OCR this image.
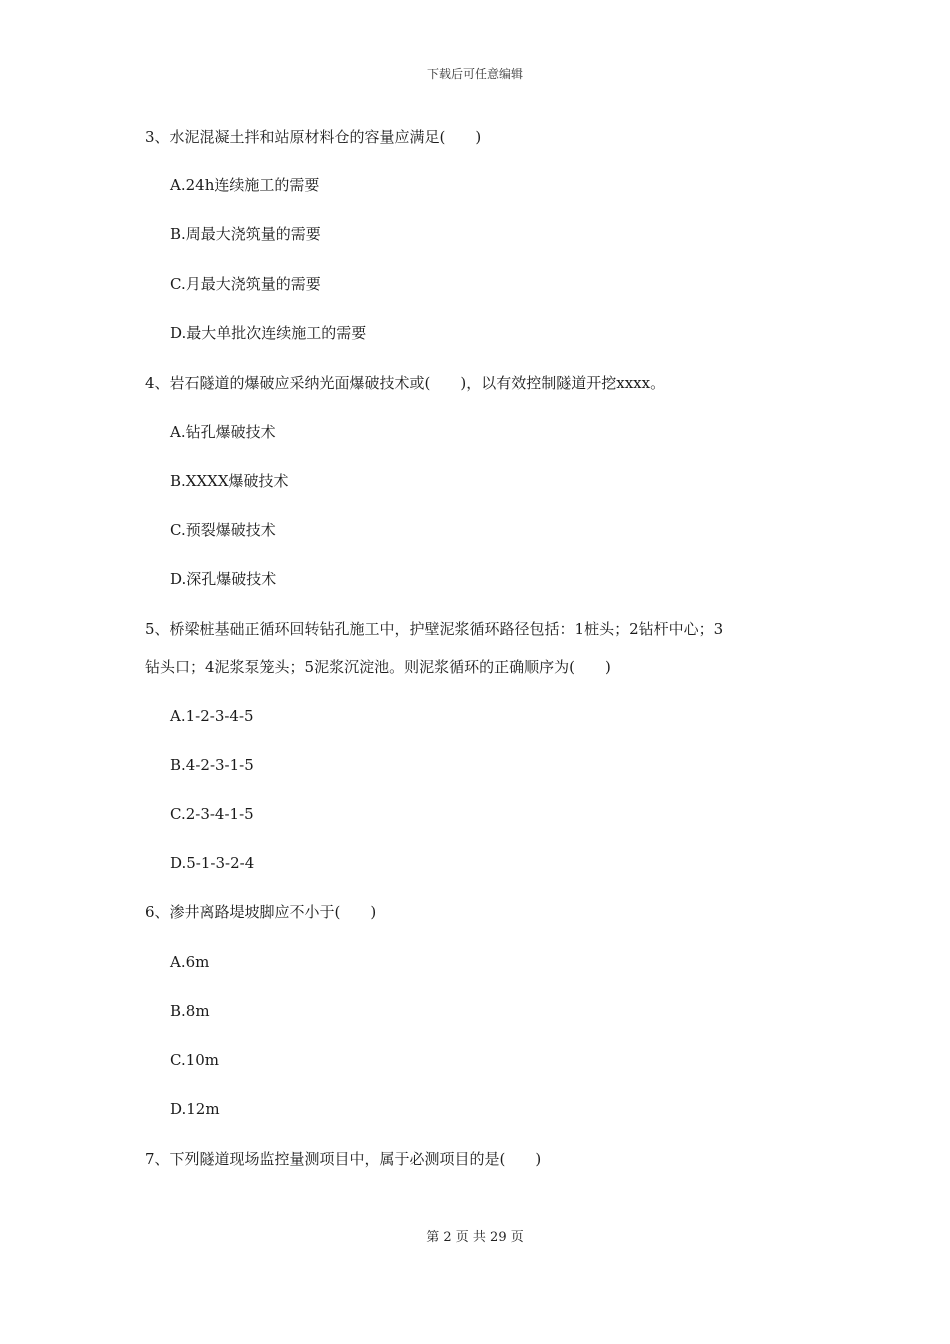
下载后可任意编辑
3、水泥混凝土拌和站原材料仓的容量应满足(　　)
A.24h连续施工的需要
B.周最大浇筑量的需要
C.月最大浇筑量的需要
D.最大单批次连续施工的需要
4、岩石隧道的爆破应采纳光面爆破技术或(　　)，以有效控制隧道开挖xxxx。
A.钻孔爆破技术
B.XXXX爆破技术
C.预裂爆破技术
D.深孔爆破技术
5、桥梁桩基础正循环回转钻孔施工中，护壁泥浆循环路径包括：1桩头；2钻杆中心；3
钻头口；4泥浆泵笼头；5泥浆沉淀池。则泥浆循环的正确顺序为(　　)
A.1-2-3-4-5
B.4-2-3-1-5
C.2-3-4-1-5
D.5-1-3-2-4
6、渗井离路堤坡脚应不小于(　　)
A.6m
B.8m
C.10m
D.12m
7、下列隧道现场监控量测项目中，属于必测项目的是(　　)
第 2 页 共 29 页
